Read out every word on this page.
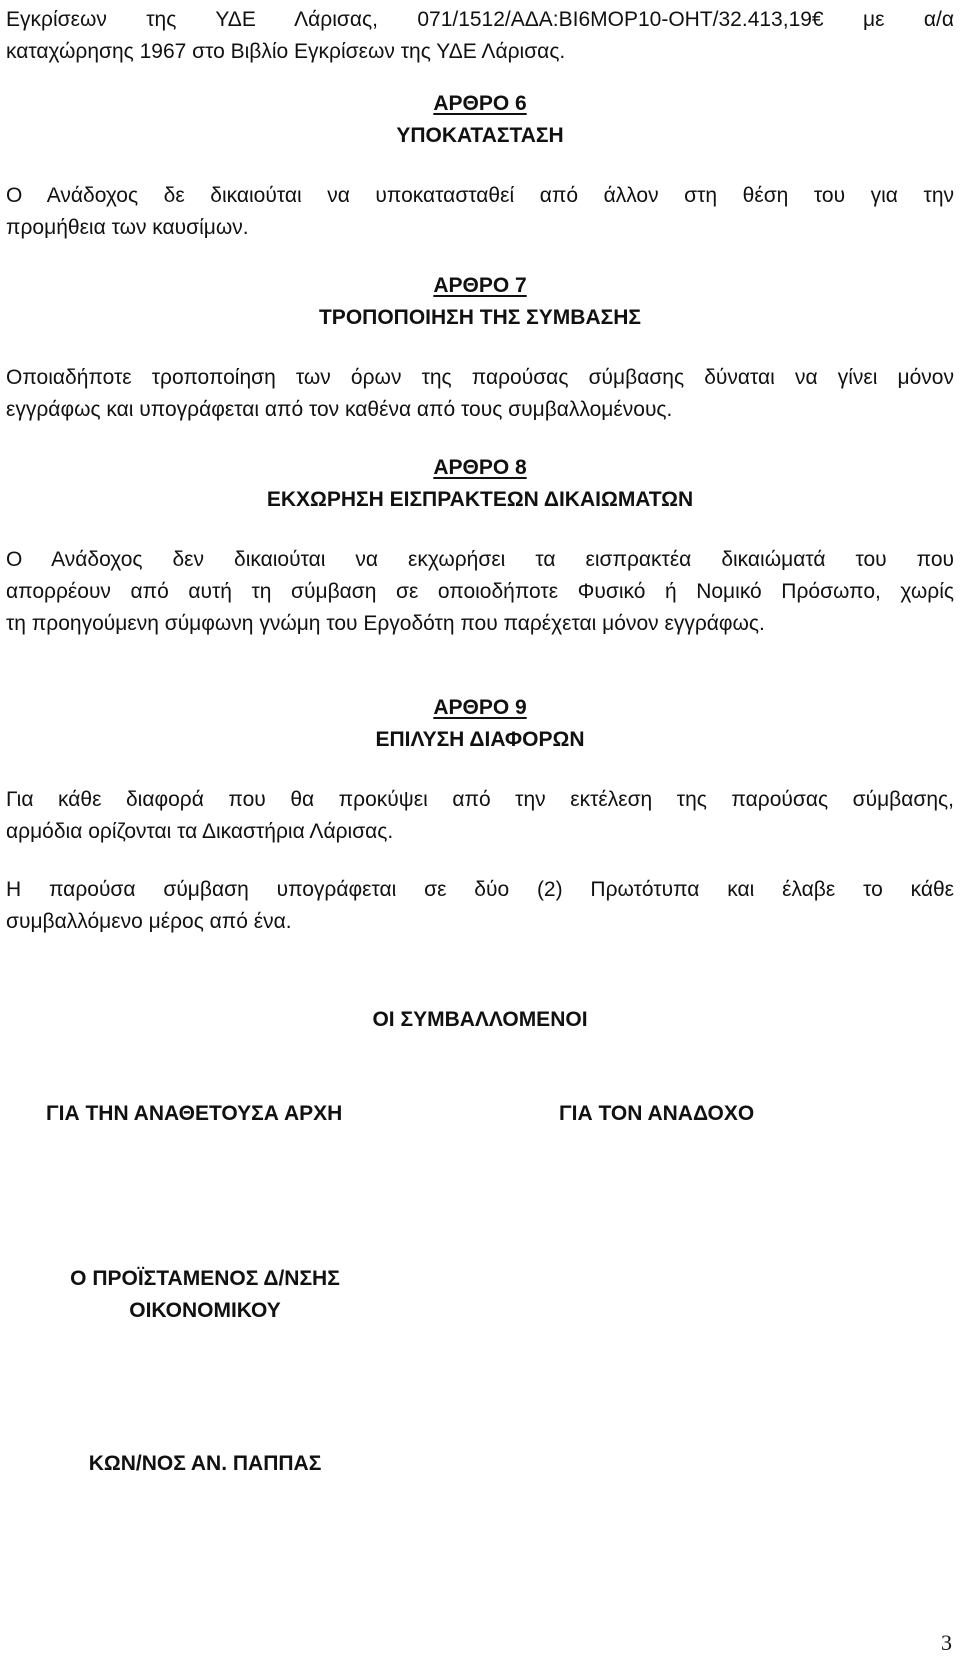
Εγκρίσεων της ΥΔΕ Λάρισας, 071/1512/ΑΔΑ:ΒΙ6ΜΟΡ10-ΟΗΤ/32.413,19€ με α/α
καταχώρησης 1967 στο Βιβλίο Εγκρίσεων της ΥΔΕ Λάρισας.
ΑΡΘΡΟ 6
ΥΠΟΚΑΤΑΣΤΑΣΗ
Ο Ανάδοχος δε δικαιούται να υποκατασταθεί από άλλον στη θέση του για την
προμήθεια των καυσίμων.
ΑΡΘΡΟ 7
ΤΡΟΠΟΠΟΙΗΣΗ ΤΗΣ ΣΥΜΒΑΣΗΣ
Οποιαδήποτε τροποποίηση των όρων της παρούσας σύμβασης δύναται να γίνει μόνον
εγγράφως και υπογράφεται από τον καθένα από τους συμβαλλομένους.
ΑΡΘΡΟ 8
ΕΚΧΩΡΗΣΗ ΕΙΣΠΡΑΚΤΕΩΝ ΔΙΚΑΙΩΜΑΤΩΝ
Ο Ανάδοχος δεν δικαιούται να εκχωρήσει τα εισπρακτέα δικαιώματά του που
απορρέουν από αυτή τη σύμβαση σε οποιοδήποτε Φυσικό ή Νομικό Πρόσωπο, χωρίς
τη προηγούμενη σύμφωνη γνώμη του Εργοδότη που παρέχεται μόνον εγγράφως.
ΑΡΘΡΟ 9
ΕΠΙΛΥΣΗ ΔΙΑΦΟΡΩΝ
Για κάθε διαφορά που θα προκύψει από την εκτέλεση της παρούσας σύμβασης,
αρμόδια ορίζονται τα Δικαστήρια Λάρισας.
Η παρούσα σύμβαση υπογράφεται σε δύο (2) Πρωτότυπα και έλαβε το κάθε
συμβαλλόμενο μέρος από ένα.
ΟΙ ΣΥΜΒΑΛΛΟΜΕΝΟΙ
ΓΙΑ ΤΗΝ ΑΝΑΘΕΤΟΥΣΑ ΑΡΧΗ	ΓΙΑ ΤΟΝ ΑΝΑΔΟΧΟ
Ο ΠΡΟΪΣΤΑΜΕΝΟΣ Δ/ΝΣΗΣ
ΟΙΚΟΝΟΜΙΚΟΥ
ΚΩΝ/ΝΟΣ ΑΝ. ΠΑΠΠΑΣ
3
